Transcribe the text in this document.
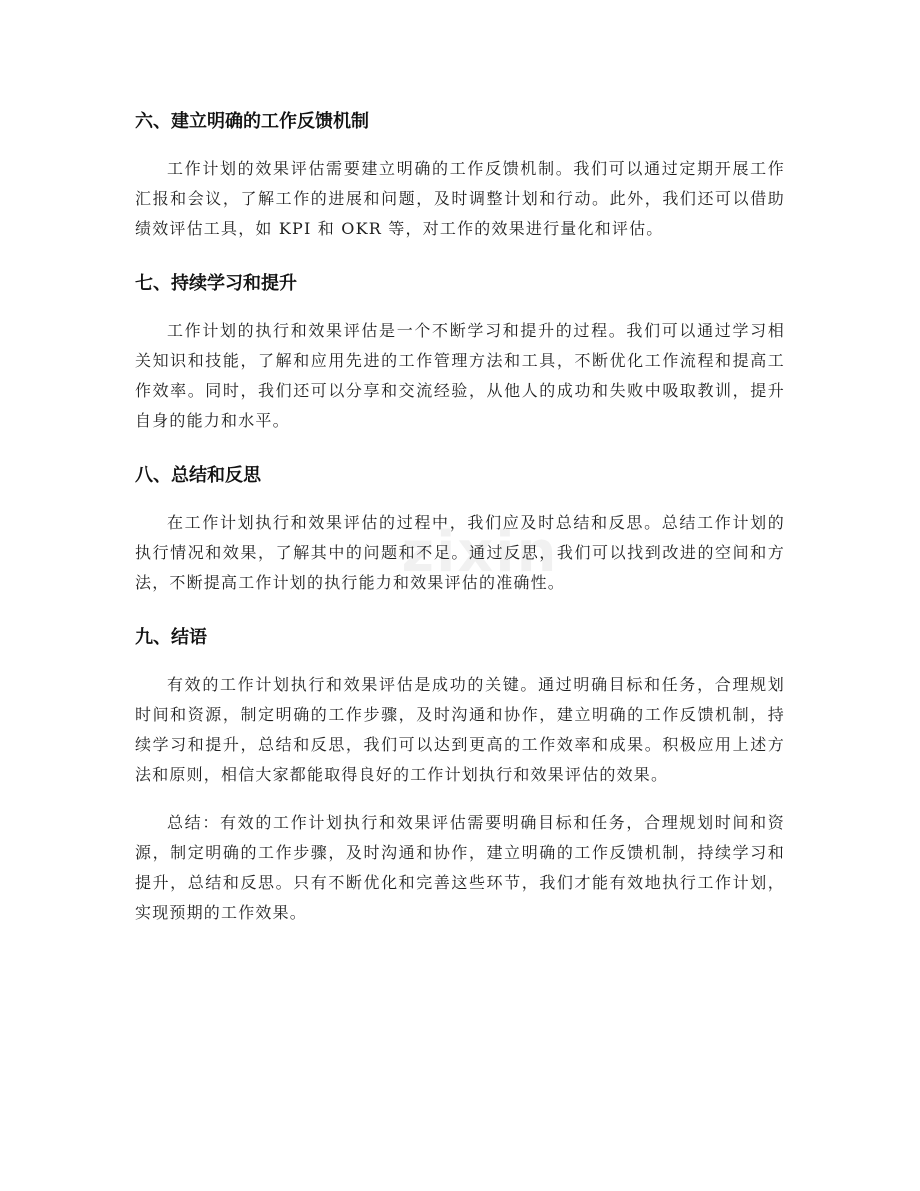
zixin
六、建立明确的工作反馈机制

工作计划的效果评估需要建立明确的工作反馈机制。我们可以通过定期开展工作汇报和会议，了解工作的进展和问题，及时调整计划和行动。此外，我们还可以借助绩效评估工具，如 KPI 和 OKR 等，对工作的效果进行量化和评估。

七、持续学习和提升

工作计划的执行和效果评估是一个不断学习和提升的过程。我们可以通过学习相关知识和技能，了解和应用先进的工作管理方法和工具，不断优化工作流程和提高工作效率。同时，我们还可以分享和交流经验，从他人的成功和失败中吸取教训，提升自身的能力和水平。

八、总结和反思

在工作计划执行和效果评估的过程中，我们应及时总结和反思。总结工作计划的执行情况和效果，了解其中的问题和不足。通过反思，我们可以找到改进的空间和方法，不断提高工作计划的执行能力和效果评估的准确性。

九、结语

有效的工作计划执行和效果评估是成功的关键。通过明确目标和任务，合理规划时间和资源，制定明确的工作步骤，及时沟通和协作，建立明确的工作反馈机制，持续学习和提升，总结和反思，我们可以达到更高的工作效率和成果。积极应用上述方法和原则，相信大家都能取得良好的工作计划执行和效果评估的效果。

总结：有效的工作计划执行和效果评估需要明确目标和任务，合理规划时间和资源，制定明确的工作步骤，及时沟通和协作，建立明确的工作反馈机制，持续学习和提升，总结和反思。只有不断优化和完善这些环节，我们才能有效地执行工作计划，实现预期的工作效果。
